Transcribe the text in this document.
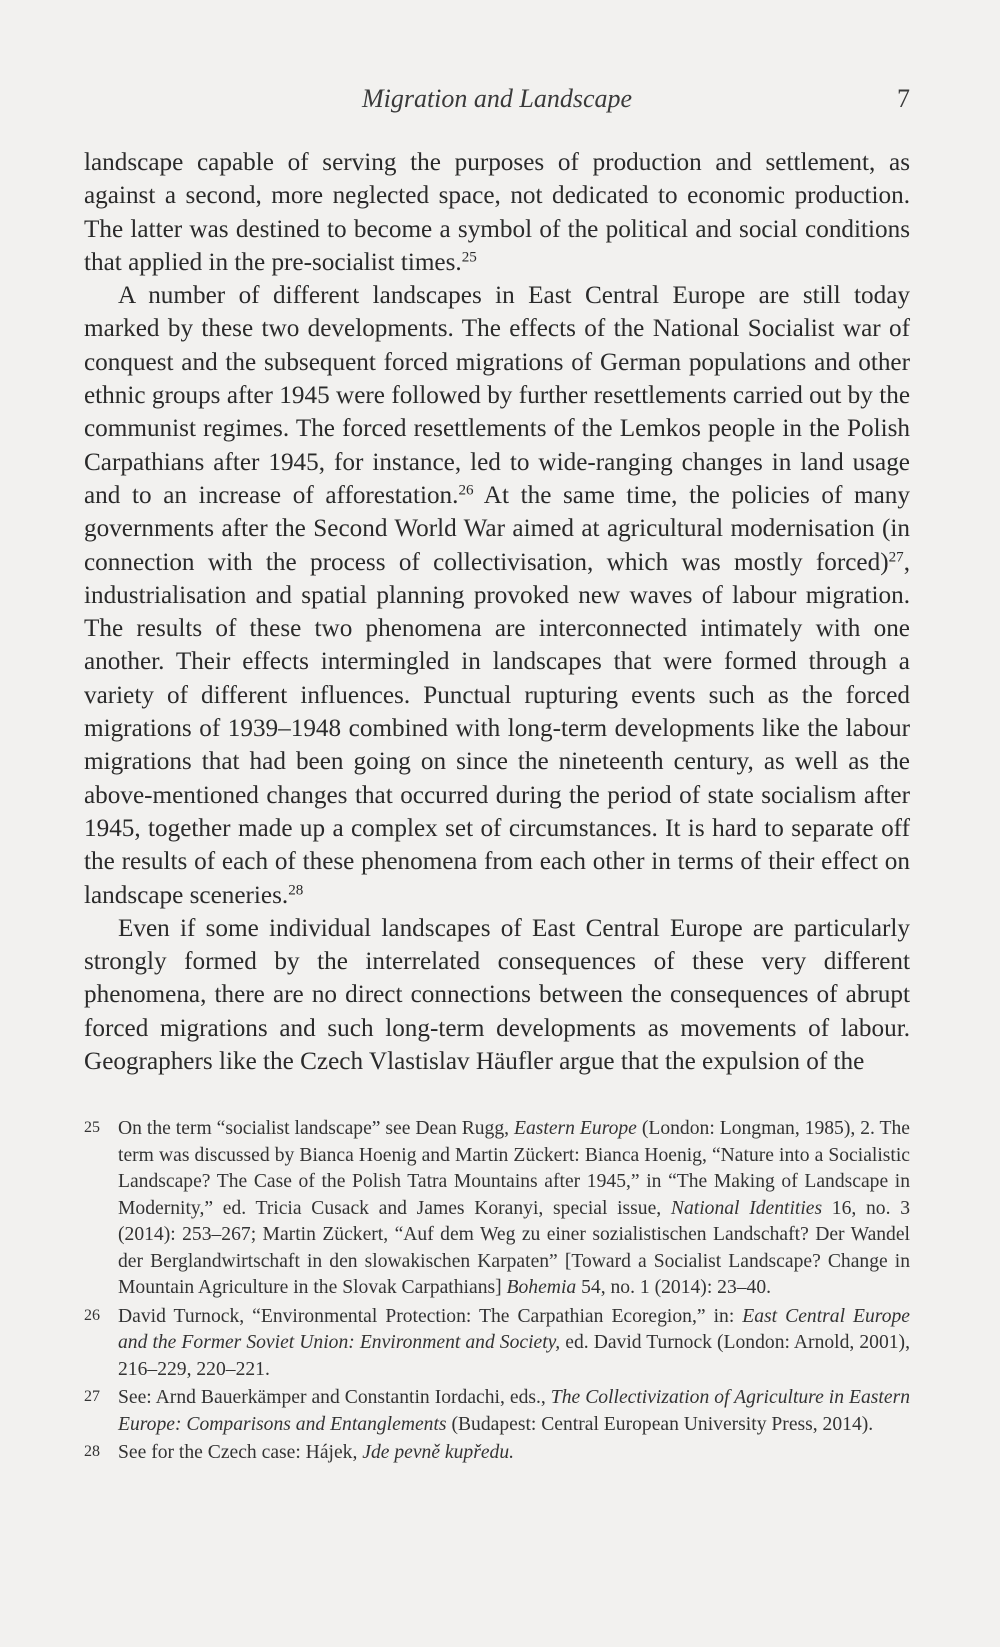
Migration and Landscape	7

landscape capable of serving the purposes of production and settlement, as against a second, more neglected space, not dedicated to economic production. The latter was destined to become a symbol of the political and social conditions that applied in the pre-socialist times.$^{25}$

A number of different landscapes in East Central Europe are still today marked by these two developments. The effects of the National Socialist war of conquest and the subsequent forced migrations of German populations and other ethnic groups after 1945 were followed by further resettlements carried out by the communist regimes. The forced resettlements of the Lemkos people in the Polish Carpathians after 1945, for instance, led to wide-ranging changes in land usage and to an increase of afforestation.$^{26}$ At the same time, the policies of many governments after the Second World War aimed at agricultural modernisation (in connection with the process of collectivisation, which was mostly forced)$^{27}$, industrialisation and spatial planning provoked new waves of labour migration. The results of these two phenomena are interconnected intimately with one another. Their effects intermingled in landscapes that were formed through a variety of different influences. Punctual rupturing events such as the forced migrations of 1939–1948 combined with long-term developments like the labour migrations that had been going on since the nineteenth century, as well as the above-mentioned changes that occurred during the period of state socialism after 1945, together made up a complex set of circumstances. It is hard to separate off the results of each of these phenomena from each other in terms of their effect on landscape sceneries.$^{28}$

Even if some individual landscapes of East Central Europe are particularly strongly formed by the interrelated consequences of these very different phenomena, there are no direct connections between the consequences of abrupt forced migrations and such long-term developments as movements of labour. Geographers like the Czech Vlastislav Häufler argue that the expulsion of the

25 On the term “socialist landscape” see Dean Rugg, Eastern Europe (London: Longman, 1985), 2. The term was discussed by Bianca Hoenig and Martin Zückert: Bianca Hoenig, “Nature into a Socialistic Landscape? The Case of the Polish Tatra Mountains after 1945,” in “The Making of Landscape in Modernity,” ed. Tricia Cusack and James Koranyi, special issue, National Identities 16, no. 3 (2014): 253–267; Martin Zückert, “Auf dem Weg zu einer sozialistischen Landschaft? Der Wandel der Berglandwirtschaft in den slowakischen Karpaten” [Toward a Socialist Landscape? Change in Mountain Agriculture in the Slovak Carpathians] Bohemia 54, no. 1 (2014): 23–40.
26 David Turnock, “Environmental Protection: The Carpathian Ecoregion,” in: East Central Europe and the Former Soviet Union: Environment and Society, ed. David Turnock (London: Arnold, 2001), 216–229, 220–221.
27 See: Arnd Bauerkämper and Constantin Iordachi, eds., The Collectivization of Agriculture in Eastern Europe: Comparisons and Entanglements (Budapest: Central European University Press, 2014).
28 See for the Czech case: Hájek, Jde pevně kupředu.
